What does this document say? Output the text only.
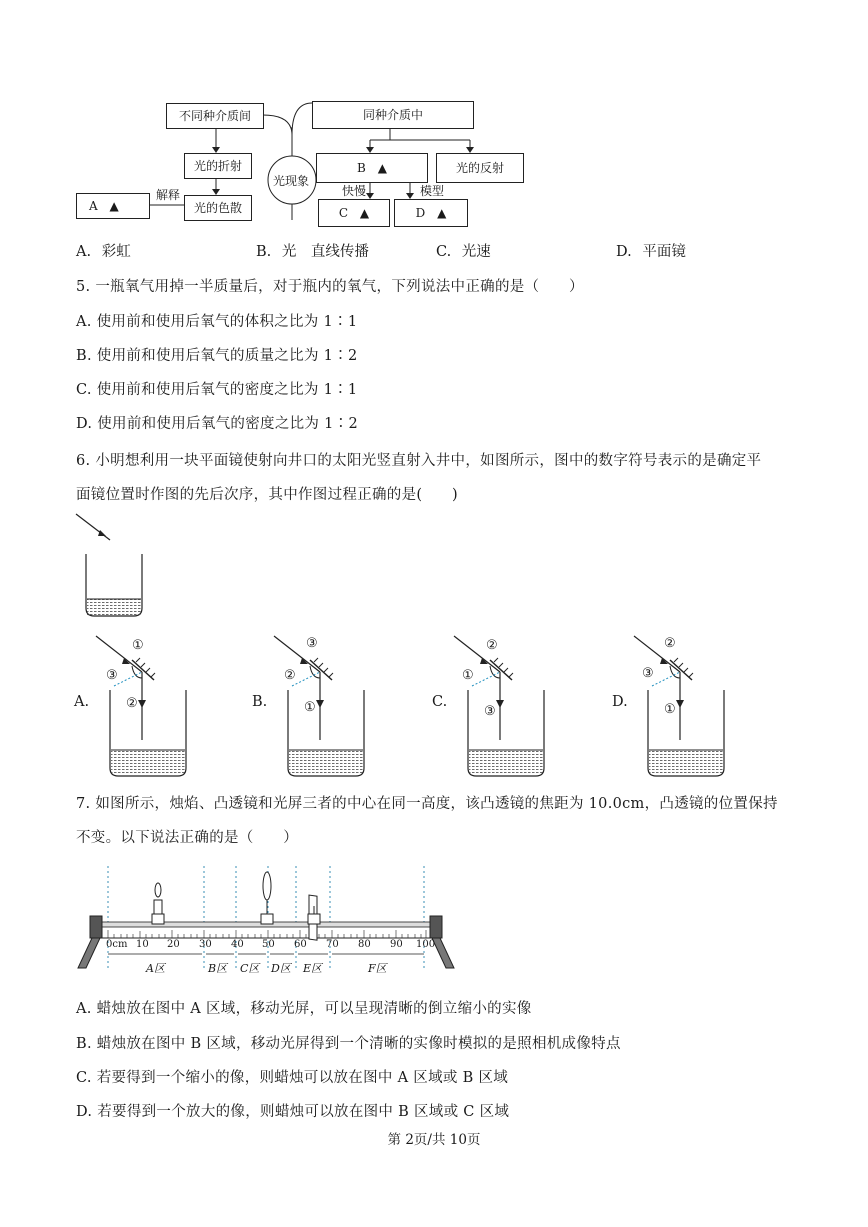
不同种介质间	同种介质中
光的折射
光的色散
解释
A ▲
光现象
B ▲	光的反射
快慢	模型
C ▲	D ▲
A. 彩虹	B. 光　直线传播	C. 光速	D. 平面镜
5. 一瓶氧气用掉一半质量后，对于瓶内的氧气，下列说法中正确的是（　　）
A. 使用前和使用后氧气的体积之比为 1∶1
B. 使用前和使用后氧气的质量之比为 1∶2
C. 使用前和使用后氧气的密度之比为 1∶1
D. 使用前和使用后氧气的密度之比为 1∶2
6. 小明想利用一块平面镜使射向井口的太阳光竖直射入井中，如图所示，图中的数字符号表示的是确定平
面镜位置时作图的先后次序，其中作图过程正确的是(　　)
A.
①
③
②	B.
③
②
①	C.
②
①
③
D.
②
③
①
7. 如图所示，烛焰、凸透镜和光屏三者的中心在同一高度，该凸透镜的焦距为 10.0cm，凸透镜的位置保持
不变。以下说法正确的是（　　）
0cm 10 20 30 40 50 60 70 80 90 100
A区	B区 C区 D区 E区	F区
A. 蜡烛放在图中 A 区域，移动光屏，可以呈现清晰的倒立缩小的实像
B. 蜡烛放在图中 B 区域，移动光屏得到一个清晰的实像时模拟的是照相机成像特点
C. 若要得到一个缩小的像，则蜡烛可以放在图中 A 区域或 B 区域
D. 若要得到一个放大的像，则蜡烛可以放在图中 B 区域或 C 区域
第 2页/共 10页
